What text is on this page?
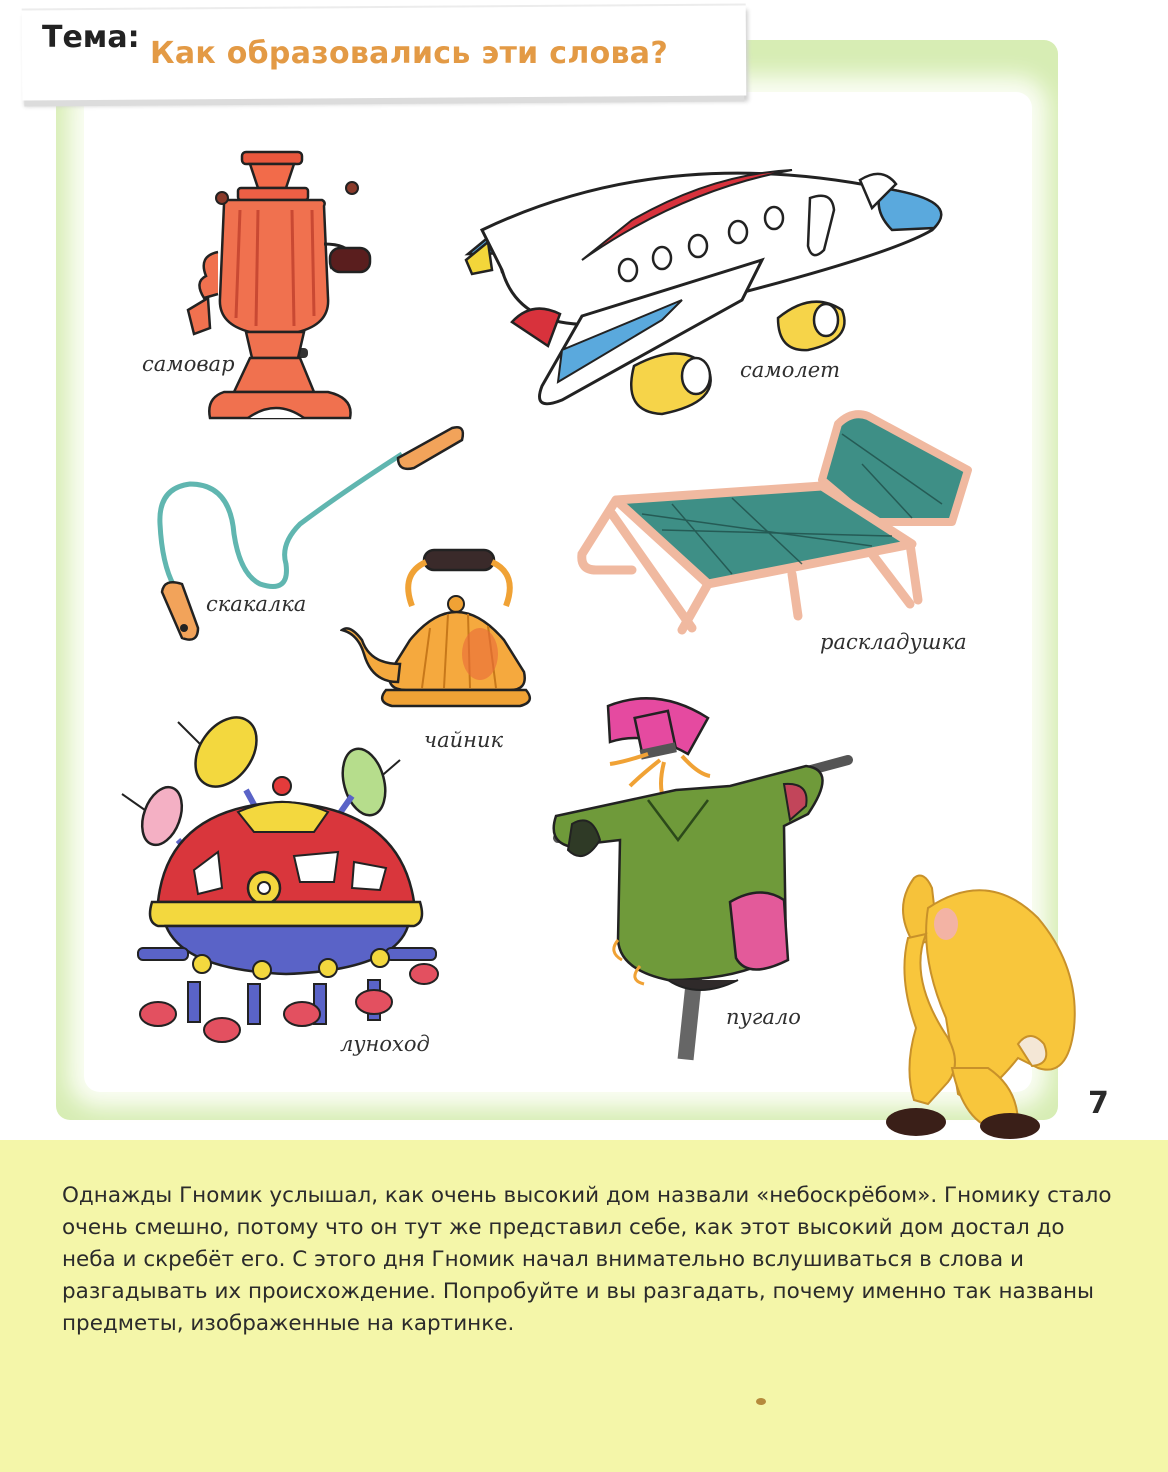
Тема: Как образовались эти слова?
самовар	самолет
скакалка
раскладушка
чайник
луноход
пугало
7
Однажды Гномик услышал, как очень высокий дом назвали «небоскрёбом». Гномику стало очень смешно, потому что он тут же представил себе, как этот высокий дом достал до неба и скребёт его. С этого дня Гномик начал внимательно вслушиваться в слова и разгадывать их происхождение. Попробуйте и вы разгадать, почему именно так названы предметы, изображенные на картинке.
